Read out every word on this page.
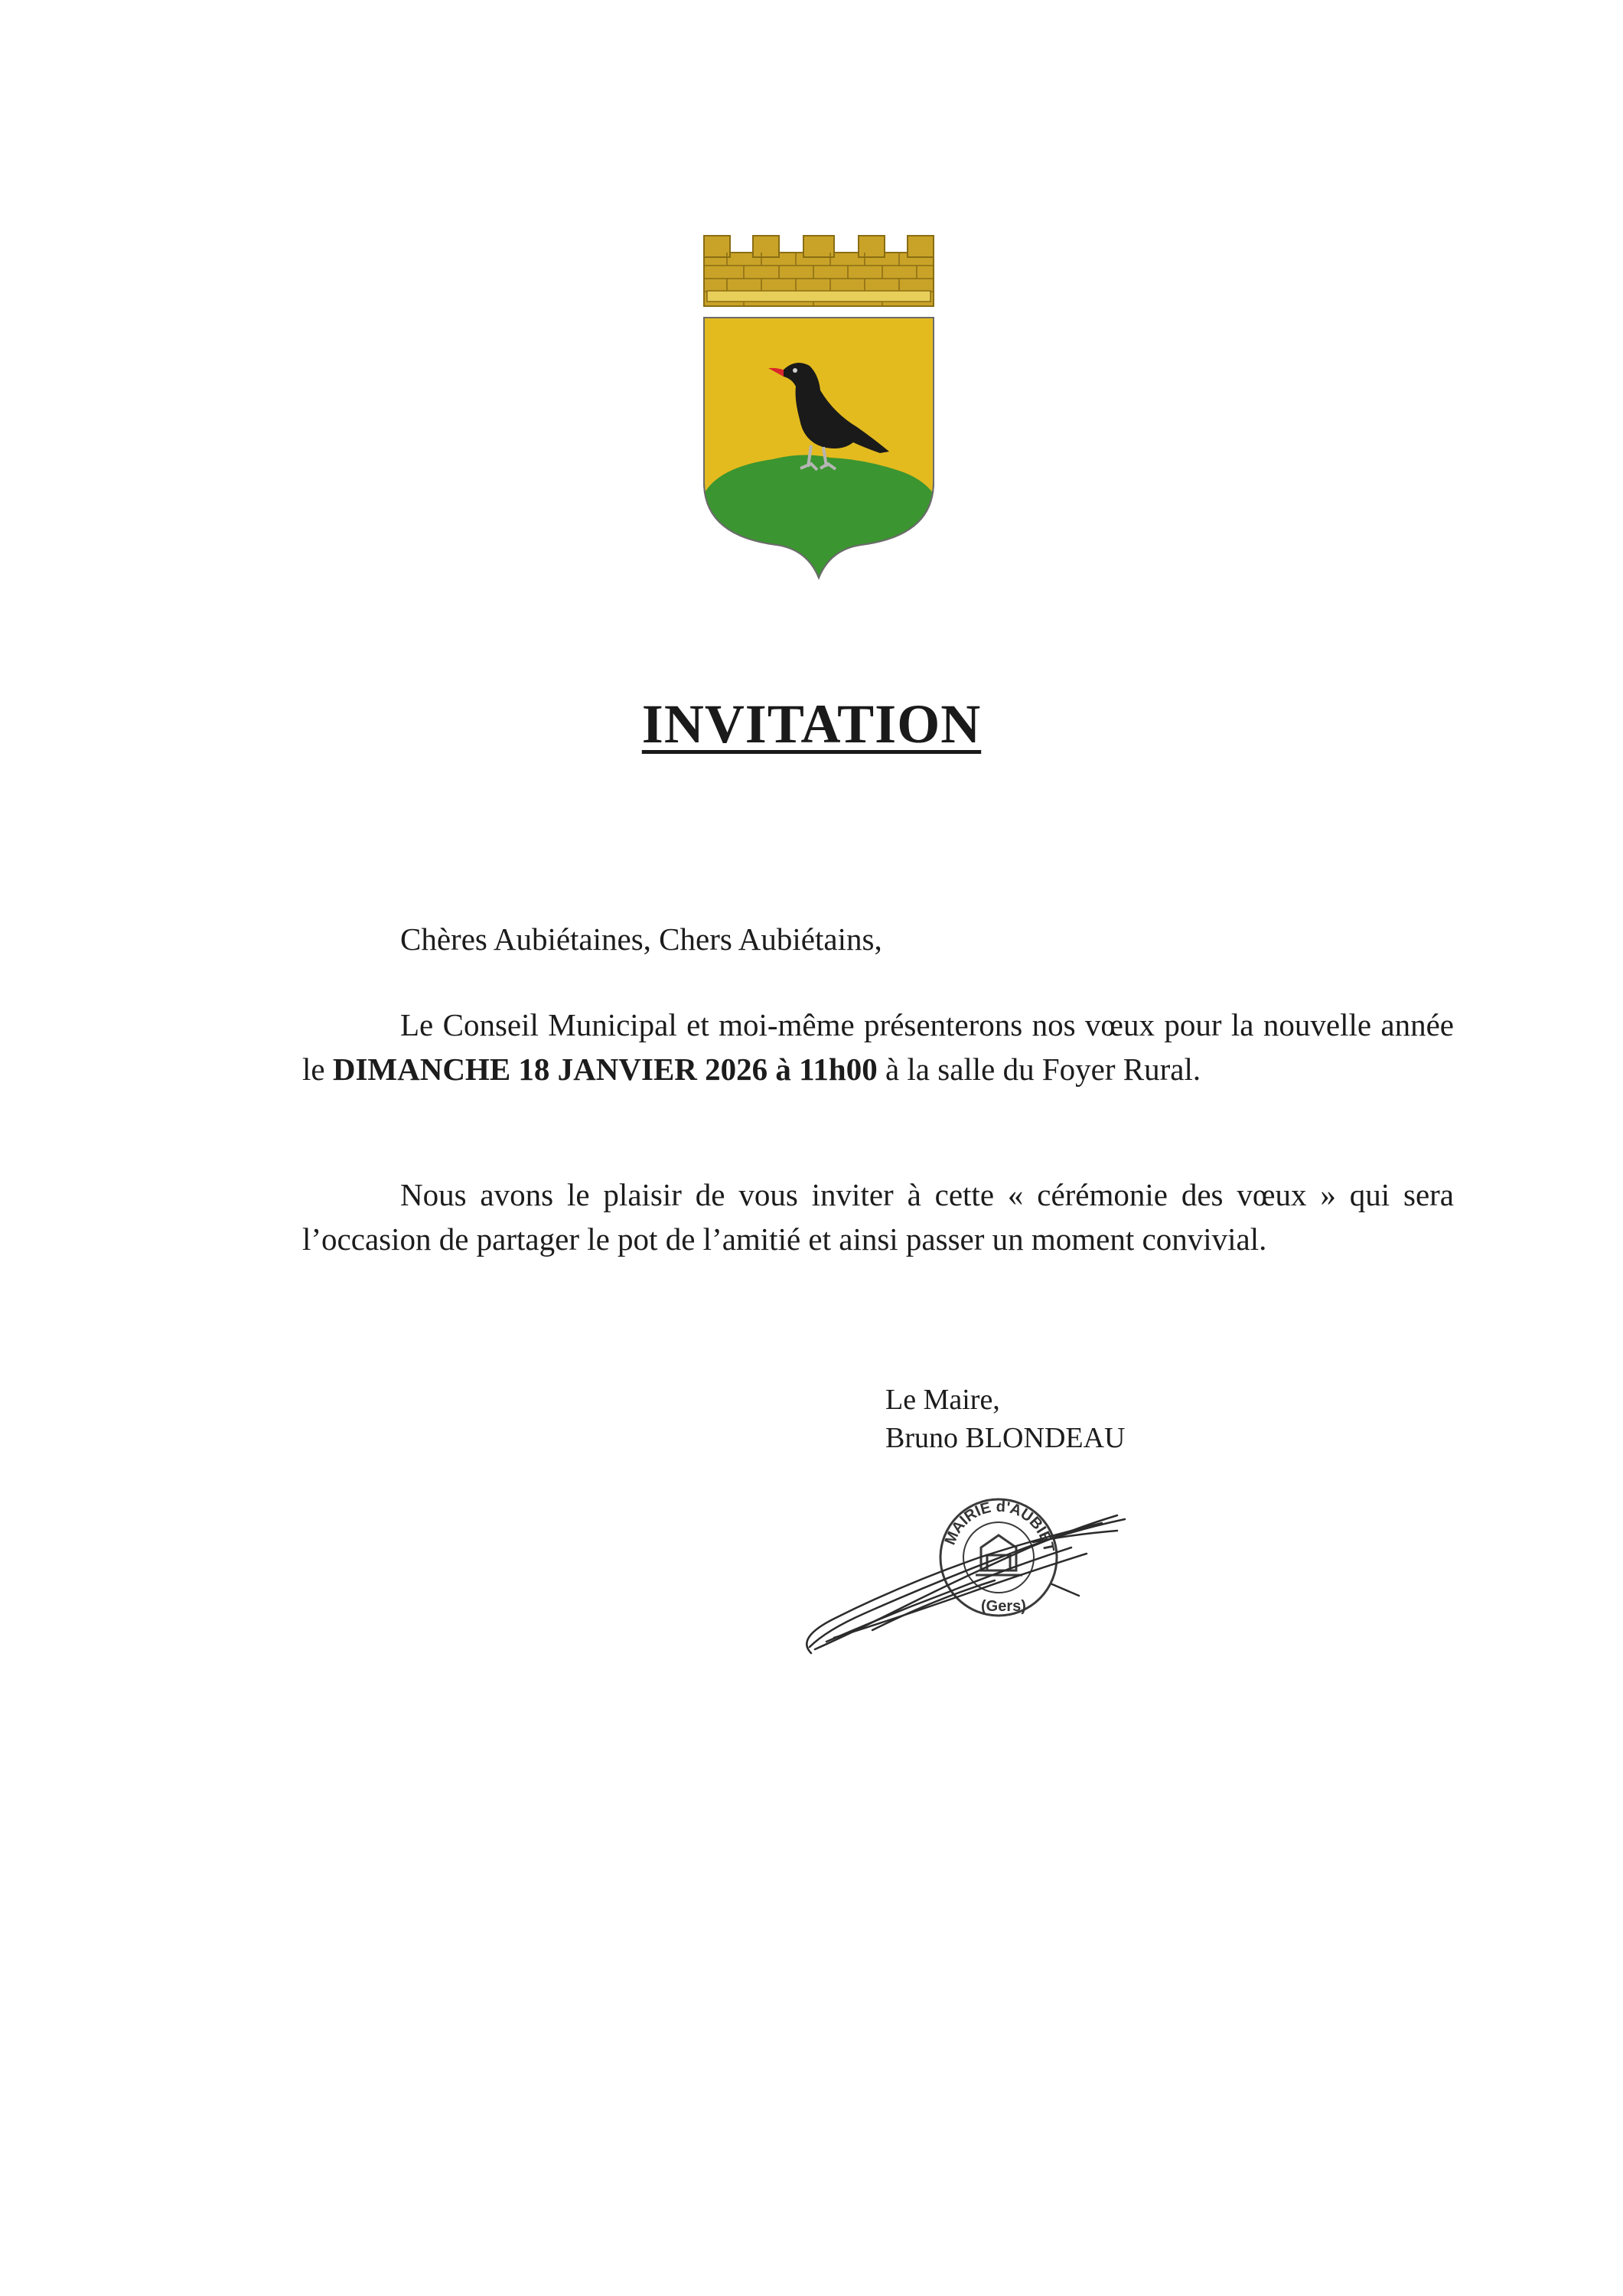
INVITATION

Chères Aubiétaines, Chers Aubiétains,

Le Conseil Municipal et moi-même présenterons nos vœux pour la nouvelle année le DIMANCHE 18 JANVIER 2026 à 11h00 à la salle du Foyer Rural.

Nous avons le plaisir de vous inviter à cette « cérémonie des vœux » qui sera l’occasion de partager le pot de l’amitié et ainsi passer un moment convivial.

Le Maire,
Bruno BLONDEAU
MAIRIE d'AUBIET
(Gers)
